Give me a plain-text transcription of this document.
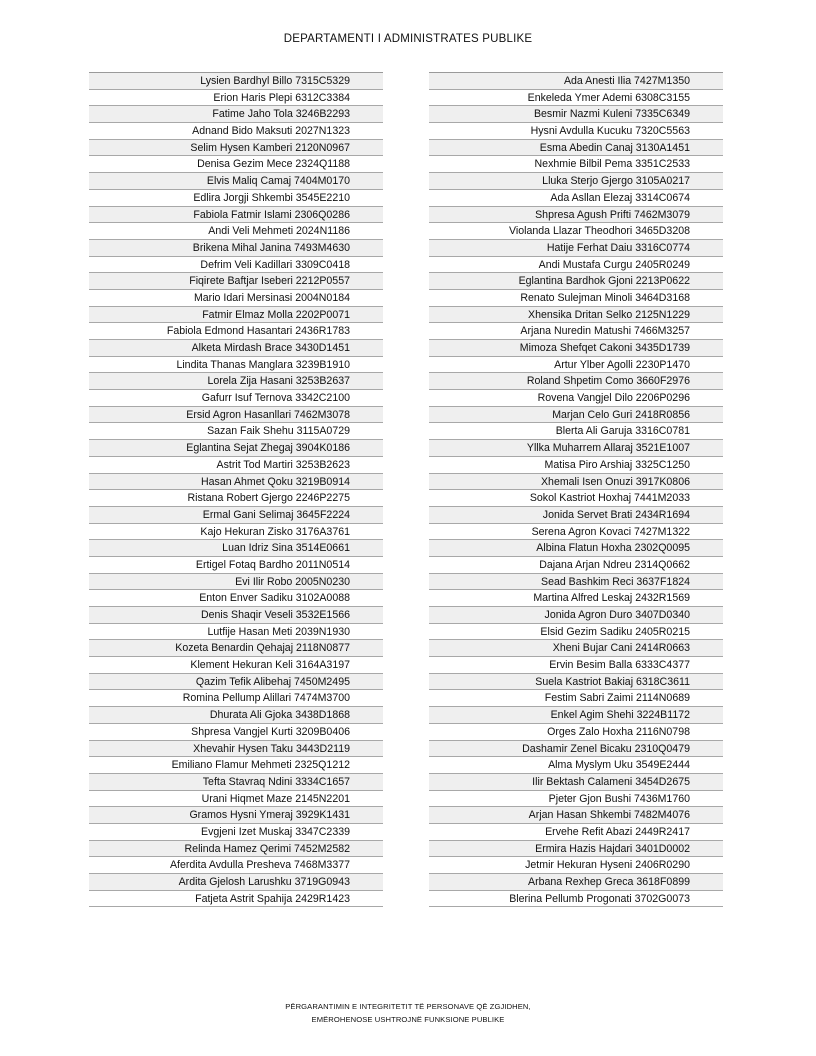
DEPARTAMENTI I ADMINISTRATES PUBLIKE
Lysien Bardhyl Billo 7315C5329
Erion Haris Plepi 6312C3384
Fatime Jaho Tola 3246B2293
Adnand Bido Maksuti 2027N1323
Selim Hysen Kamberi 2120N0967
Denisa Gezim Mece 2324Q1188
Elvis Maliq Camaj 7404M0170
Edlira Jorgji Shkembi 3545E2210
Fabiola Fatmir Islami 2306Q0286
Andi Veli Mehmeti 2024N1186
Brikena Mihal Janina 7493M4630
Defrim Veli Kadillari 3309C0418
Fiqirete Baftjar Iseberi 2212P0557
Mario Idari Mersinasi 2004N0184
Fatmir Elmaz Molla 2202P0071
Fabiola Edmond Hasantari 2436R1783
Alketa Mirdash Brace 3430D1451
Lindita Thanas Manglara 3239B1910
Lorela Zija Hasani 3253B2637
Gafurr Isuf Ternova 3342C2100
Ersid Agron Hasanllari 7462M3078
Sazan Faik Shehu 3115A0729
Eglantina Sejat Zhegaj 3904K0186
Astrit Tod Martiri 3253B2623
Hasan Ahmet Qoku 3219B0914
Ristana Robert Gjergo 2246P2275
Ermal Gani Selimaj 3645F2224
Kajo Hekuran Zisko 3176A3761
Luan Idriz Sina 3514E0661
Ertigel Fotaq Bardho 2011N0514
Evi Ilir Robo 2005N0230
Enton Enver Sadiku 3102A0088
Denis Shaqir Veseli 3532E1566
Lutfije Hasan Meti 2039N1930
Kozeta Benardin Qehajaj 2118N0877
Klement Hekuran Keli 3164A3197
Qazim Tefik Alibehaj 7450M2495
Romina Pellump Alillari 7474M3700
Dhurata Ali Gjoka 3438D1868
Shpresa Vangjel Kurti 3209B0406
Xhevahir Hysen Taku 3443D2119
Emiliano Flamur Mehmeti 2325Q1212
Tefta Stavraq Ndini 3334C1657
Urani Hiqmet Maze 2145N2201
Gramos Hysni Ymeraj 3929K1431
Evgjeni Izet Muskaj 3347C2339
Relinda Hamez Qerimi 7452M2582
Aferdita Avdulla Presheva 7468M3377
Ardita Gjelosh Larushku 3719G0943
Fatjeta Astrit Spahija 2429R1423
Ada Anesti Ilia 7427M1350
Enkeleda Ymer Ademi 6308C3155
Besmir Nazmi Kuleni 7335C6349
Hysni Avdulla Kucuku 7320C5563
Esma Abedin Canaj 3130A1451
Nexhmie Bilbil Pema 3351C2533
Lluka Sterjo Gjergo 3105A0217
Ada Asllan Elezaj 3314C0674
Shpresa Agush Prifti 7462M3079
Violanda Llazar Theodhori 3465D3208
Hatije Ferhat Daiu 3316C0774
Andi Mustafa Curgu 2405R0249
Eglantina Bardhok Gjoni 2213P0622
Renato Sulejman Minoli 3464D3168
Xhensika Dritan Selko 2125N1229
Arjana Nuredin Matushi 7466M3257
Mimoza Shefqet Cakoni 3435D1739
Artur Ylber Agolli 2230P1470
Roland Shpetim Como 3660F2976
Rovena Vangjel Dilo 2206P0296
Marjan Celo Guri 2418R0856
Blerta Ali Garuja 3316C0781
Yllka Muharrem Allaraj 3521E1007
Matisa Piro Arshiaj 3325C1250
Xhemali Isen Onuzi 3917K0806
Sokol Kastriot Hoxhaj 7441M2033
Jonida Servet Brati 2434R1694
Serena Agron Kovaci 7427M1322
Albina Flatun Hoxha 2302Q0095
Dajana Arjan Ndreu 2314Q0662
Sead Bashkim Reci 3637F1824
Martina Alfred Leskaj 2432R1569
Jonida Agron Duro 3407D0340
Elsid Gezim Sadiku 2405R0215
Xheni Bujar Cani 2414R0663
Ervin Besim Balla 6333C4377
Suela Kastriot Bakiaj 6318C3611
Festim Sabri Zaimi 2114N0689
Enkel Agim Shehi 3224B1172
Orges Zalo Hoxha 2116N0798
Dashamir Zenel Bicaku 2310Q0479
Alma Myslym Uku 3549E2444
Ilir Bektash Calameni 3454D2675
Pjeter Gjon Bushi 7436M1760
Arjan Hasan Shkembi 7482M4076
Ervehe Refit Abazi 2449R2417
Ermira Hazis Hajdari 3401D0002
Jetmir Hekuran Hyseni 2406R0290
Arbana Rexhep Greca 3618F0899
Blerina Pellumb Progonati 3702G0073
PËRGARANTIMIN E INTEGRITETIT TË PERSONAVE QË ZGJIDHEN,
EMËROHENOSE USHTROJNË FUNKSIONE PUBLIKE
